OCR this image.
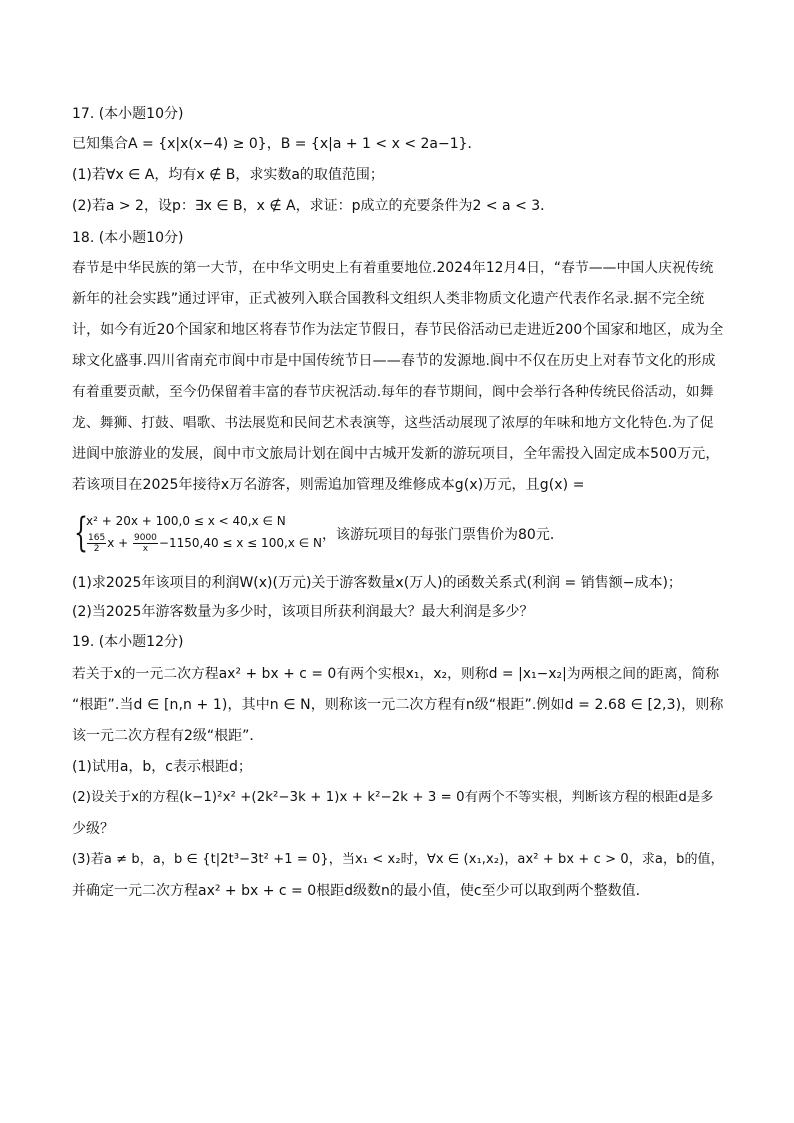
17. (本小题10分)
已知集合A = {x|x(x−4) ≥ 0}，B = {x|a + 1 < x < 2a−1}．
(1)若∀x ∈ A，均有x ∉ B，求实数a的取值范围；
(2)若a > 2，设p：∃x ∈ B，x ∉ A，求证：p成立的充要条件为2 < a < 3．
18. (本小题10分)
春节是中华民族的第一大节，在中华文明史上有着重要地位.2024年12月4日，“春节——中国人庆祝传统
新年的社会实践”通过评审，正式被列入联合国教科文组织人类非物质文化遗产代表作名录.据不完全统
计，如今有近20个国家和地区将春节作为法定节假日，春节民俗活动已走进近200个国家和地区，成为全
球文化盛事.四川省南充市阆中市是中国传统节日——春节的发源地.阆中不仅在历史上对春节文化的形成
有着重要贡献，至今仍保留着丰富的春节庆祝活动.每年的春节期间，阆中会举行各种传统民俗活动，如舞
龙、舞狮、打鼓、唱歌、书法展览和民间艺术表演等，这些活动展现了浓厚的年味和地方文化特色.为了促
进阆中旅游业的发展，阆中市文旅局计划在阆中古城开发新的游玩项目，全年需投入固定成本500万元，
若该项目在2025年接待x万名游客，则需追加管理及维修成本g(x)万元，且g(x) =
{
x² + 20x + 100,0 ≤ x < 40,x ∈ N
$\frac{165}{2}$ $x + \frac{9000}{x} -1150,40 \le x \le 100,x$ ∈ N ，该游玩项目的每张门票售价为80元．
(1)求2025年该项目的利润W(x)(万元)关于游客数量x(万人)的函数关系式(利润 = 销售额−成本)；
(2)当2025年游客数量为多少时，该项目所获利润最大？最大利润是多少？
19. (本小题12分)
若关于x的一元二次方程ax² + bx + c = 0有两个实根x₁，x₂，则称d = |x₁−x₂|为两根之间的距离，简称
“根距”.当d ∈ [n,n + 1)，其中n ∈ N，则称该一元二次方程有n级“根距”.例如d = 2.68 ∈ [2,3)，则称
该一元二次方程有2级“根距”．
(1)试用a，b，c表示根距d；
(2)设关于x的方程(k−1)²x² +(2k²−3k + 1)x + k²−2k + 3 = 0有两个不等实根，判断该方程的根距d是多
少级？
(3)若a ≠ b，a，b ∈ {t|2t³−3t² +1 = 0}，当x₁ < x₂时，∀x ∈ (x₁,x₂)，ax² + bx + c > 0，求a，b的值，
并确定一元二次方程ax² + bx + c = 0根距d级数n的最小值，使c至少可以取到两个整数值．
